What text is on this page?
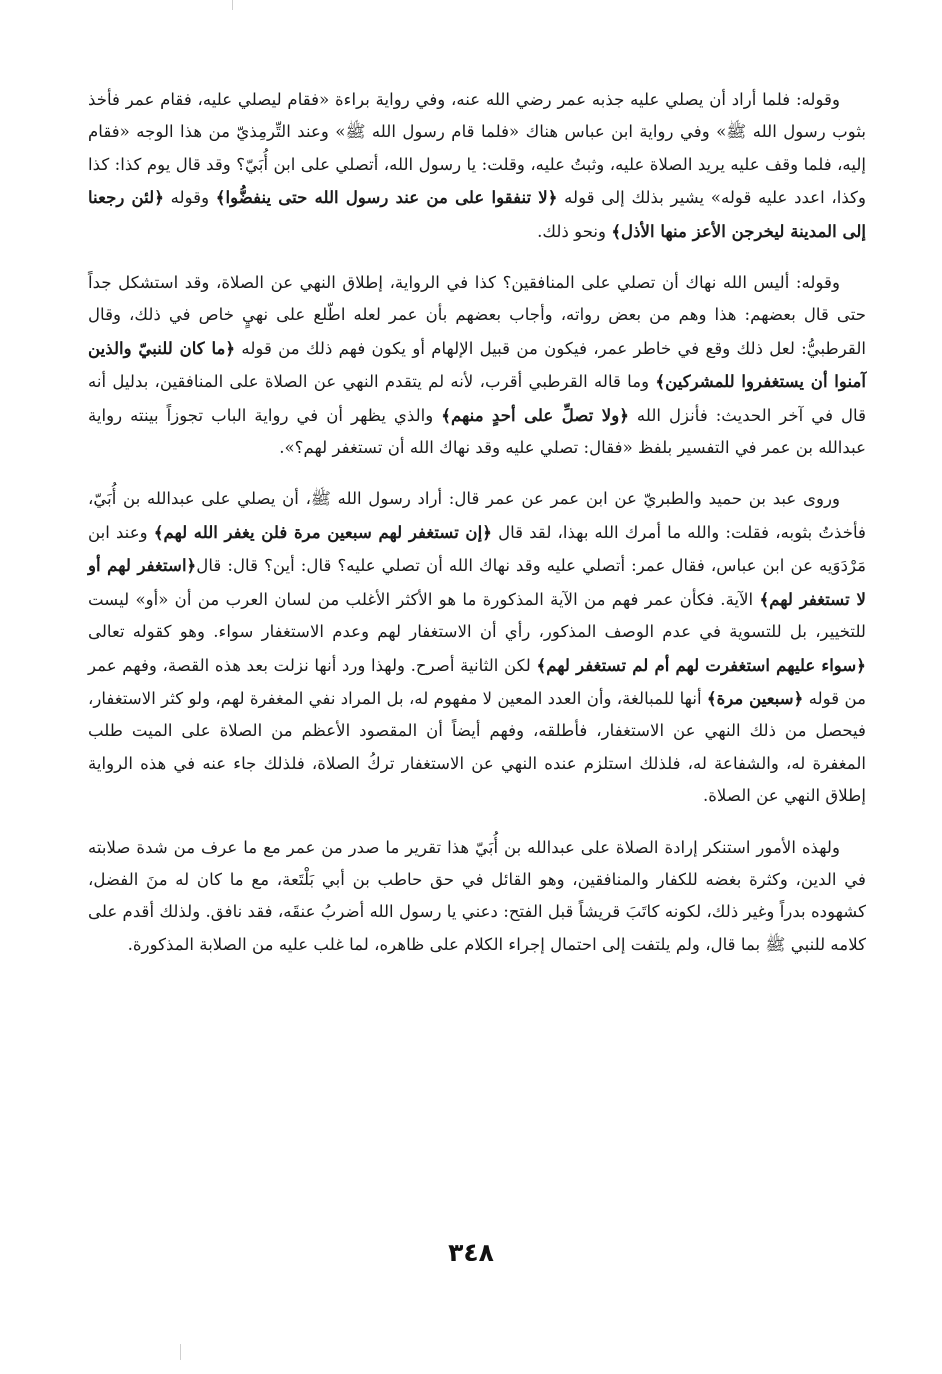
وقوله: فلما أراد أن يصلي عليه جذبه عمر رضي الله عنه، وفي رواية براءة «فقام ليصلي عليه، فقام عمر فأخذ بثوب رسول الله ﷺ» وفي رواية ابن عباس هناك «فلما قام رسول الله ﷺ» وعند التِّرمِذيّ من هذا الوجه «فقام إليه، فلما وقف عليه يريد الصلاة عليه، وثبتُ عليه، وقلت: يا رسول الله، أتصلي على ابن أُبَيّ؟ وقد قال يوم كذا: كذا وكذا، اعدد عليه قوله» يشير بذلك إلى قوله ﴿لا تنفقوا على من عند رسول الله حتى ينفضُّوا﴾ وقوله ﴿لئن رجعنا إلى المدينة ليخرجن الأعز منها الأذل﴾ ونحو ذلك.

وقوله: أليس الله نهاك أن تصلي على المنافقين؟ كذا في الرواية، إطلاق النهي عن الصلاة، وقد استشكل جداً حتى قال بعضهم: هذا وهم من بعض رواته، وأجاب بعضهم بأن عمر لعله اطّلع على نهيٍ خاص في ذلك، وقال القرطبيُّ: لعل ذلك وقع في خاطر عمر، فيكون من قبيل الإلهام أو يكون فهم ذلك من قوله ﴿ما كان للنبيّ والذين آمنوا أن يستغفروا للمشركين﴾ وما قاله القرطبي أقرب، لأنه لم يتقدم النهي عن الصلاة على المنافقين، بدليل أنه قال في آخر الحديث: فأنزل الله ﴿ولا تصلِّ على أحدٍ منهم﴾ والذي يظهر أن في رواية الباب تجوزاً بينته رواية عبدالله بن عمر في التفسير بلفظ «فقال: تصلي عليه وقد نهاك الله أن تستغفر لهم؟».

وروى عبد بن حميد والطبريّ عن ابن عمر عن عمر قال: أراد رسول الله ﷺ، أن يصلي على عبدالله بن أُبَيّ، فأخذتُ بثوبه، فقلت: والله ما أمرك الله بهذا، لقد قال ﴿إن تستغفر لهم سبعين مرة فلن يغفر الله لهم﴾ وعند ابن مَرْدَوَيه عن ابن عباس، فقال عمر: أتصلي عليه وقد نهاك الله أن تصلي عليه؟ قال: أين؟ قال: قال﴿استغفر لهم أو لا تستغفر لهم﴾ الآية. فكأن عمر فهم من الآية المذكورة ما هو الأكثر الأغلب من لسان العرب من أن «أو» ليست للتخيير، بل للتسوية في عدم الوصف المذكور، رأي أن الاستغفار لهم وعدم الاستغفار سواء. وهو كقوله تعالى ﴿سواء عليهم استغفرت لهم أم لم تستغفر لهم﴾ لكن الثانية أصرح. ولهذا ورد أنها نزلت بعد هذه القصة، وفهم عمر من قوله ﴿سبعين مرة﴾ أنها للمبالغة، وأن العدد المعين لا مفهوم له، بل المراد نفي المغفرة لهم، ولو كثر الاستغفار، فيحصل من ذلك النهي عن الاستغفار، فأطلقه، وفهم أيضاً أن المقصود الأعظم من الصلاة على الميت طلب المغفرة له، والشفاعة له، فلذلك استلزم عنده النهي عن الاستغفار تركُ الصلاة، فلذلك جاء عنه في هذه الرواية إطلاق النهي عن الصلاة.

ولهذه الأمور استنكر إرادة الصلاة على عبدالله بن أُبَيّ هذا تقرير ما صدر من عمر مع ما عرف من شدة صلابته في الدين، وكثرة بغضه للكفار والمنافقين، وهو القائل في حق حاطب بن أبي بَلْتَعة، مع ما كان له منَ الفضل، كشهوده بدراً وغير ذلك، لكونه كاتَبَ قريشاً قبل الفتح: دعني يا رسول الله أضربُ عنقَه، فقد نافق. ولذلك أقدم على كلامه للنبي ﷺ بما قال، ولم يلتفت إلى احتمال إجراء الكلام على ظاهره، لما غلب عليه من الصلابة المذكورة.

٣٤٨
